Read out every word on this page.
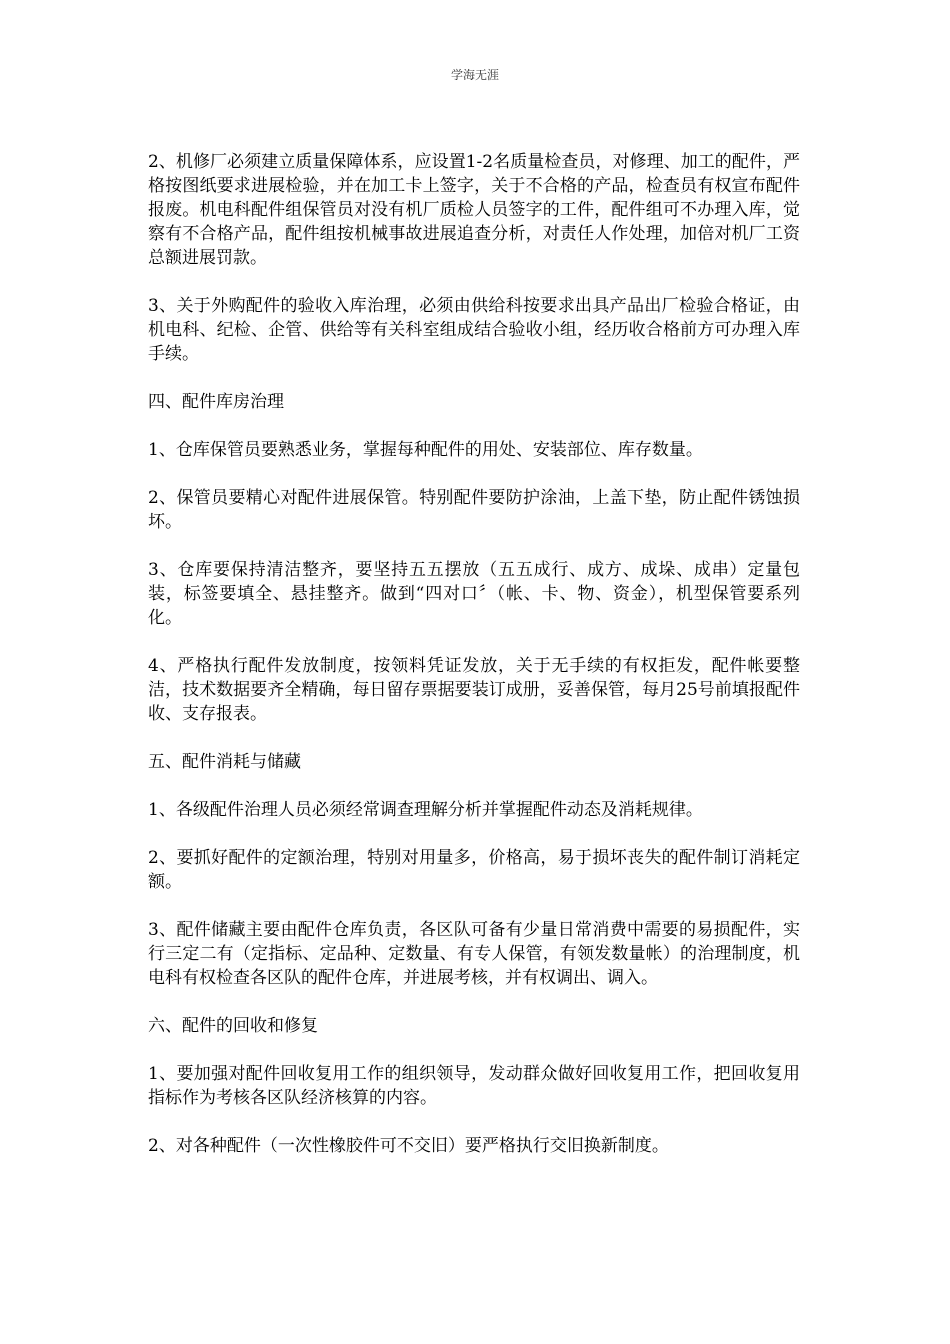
学海无涯

2、机修厂必须建立质量保障体系，应设置1-2名质量检查员，对修理、加工的配件，严格按图纸要求进展检验，并在加工卡上签字，关于不合格的产品，检查员有权宣布配件报废。机电科配件组保管员对没有机厂质检人员签字的工件，配件组可不办理入库，觉察有不合格产品，配件组按机械事故进展追查分析，对责任人作处理，加倍对机厂工资总额进展罚款。

3、关于外购配件的验收入库治理，必须由供给科按要求出具产品出厂检验合格证，由机电科、纪检、企管、供给等有关科室组成结合验收小组，经历收合格前方可办理入库手续。

四、配件库房治理

1、仓库保管员要熟悉业务，掌握每种配件的用处、安装部位、库存数量。

2、保管员要精心对配件进展保管。特别配件要防护涂油，上盖下垫，防止配件锈蚀损坏。

3、仓库要保持清洁整齐，要坚持五五摆放（五五成行、成方、成垛、成串）定量包装，标签要填全、悬挂整齐。做到“四对口〞（帐、卡、物、资金），机型保管要系列化。

4、严格执行配件发放制度，按领料凭证发放，关于无手续的有权拒发，配件帐要整洁，技术数据要齐全精确，每日留存票据要装订成册，妥善保管，每月25号前填报配件收、支存报表。

五、配件消耗与储藏

1、各级配件治理人员必须经常调查理解分析并掌握配件动态及消耗规律。

2、要抓好配件的定额治理，特别对用量多，价格高，易于损坏丧失的配件制订消耗定额。

3、配件储藏主要由配件仓库负责，各区队可备有少量日常消费中需要的易损配件，实行三定二有（定指标、定品种、定数量、有专人保管，有领发数量帐）的治理制度，机电科有权检查各区队的配件仓库，并进展考核，并有权调出、调入。

六、配件的回收和修复

1、要加强对配件回收复用工作的组织领导，发动群众做好回收复用工作，把回收复用指标作为考核各区队经济核算的内容。

2、对各种配件（一次性橡胶件可不交旧）要严格执行交旧换新制度。
